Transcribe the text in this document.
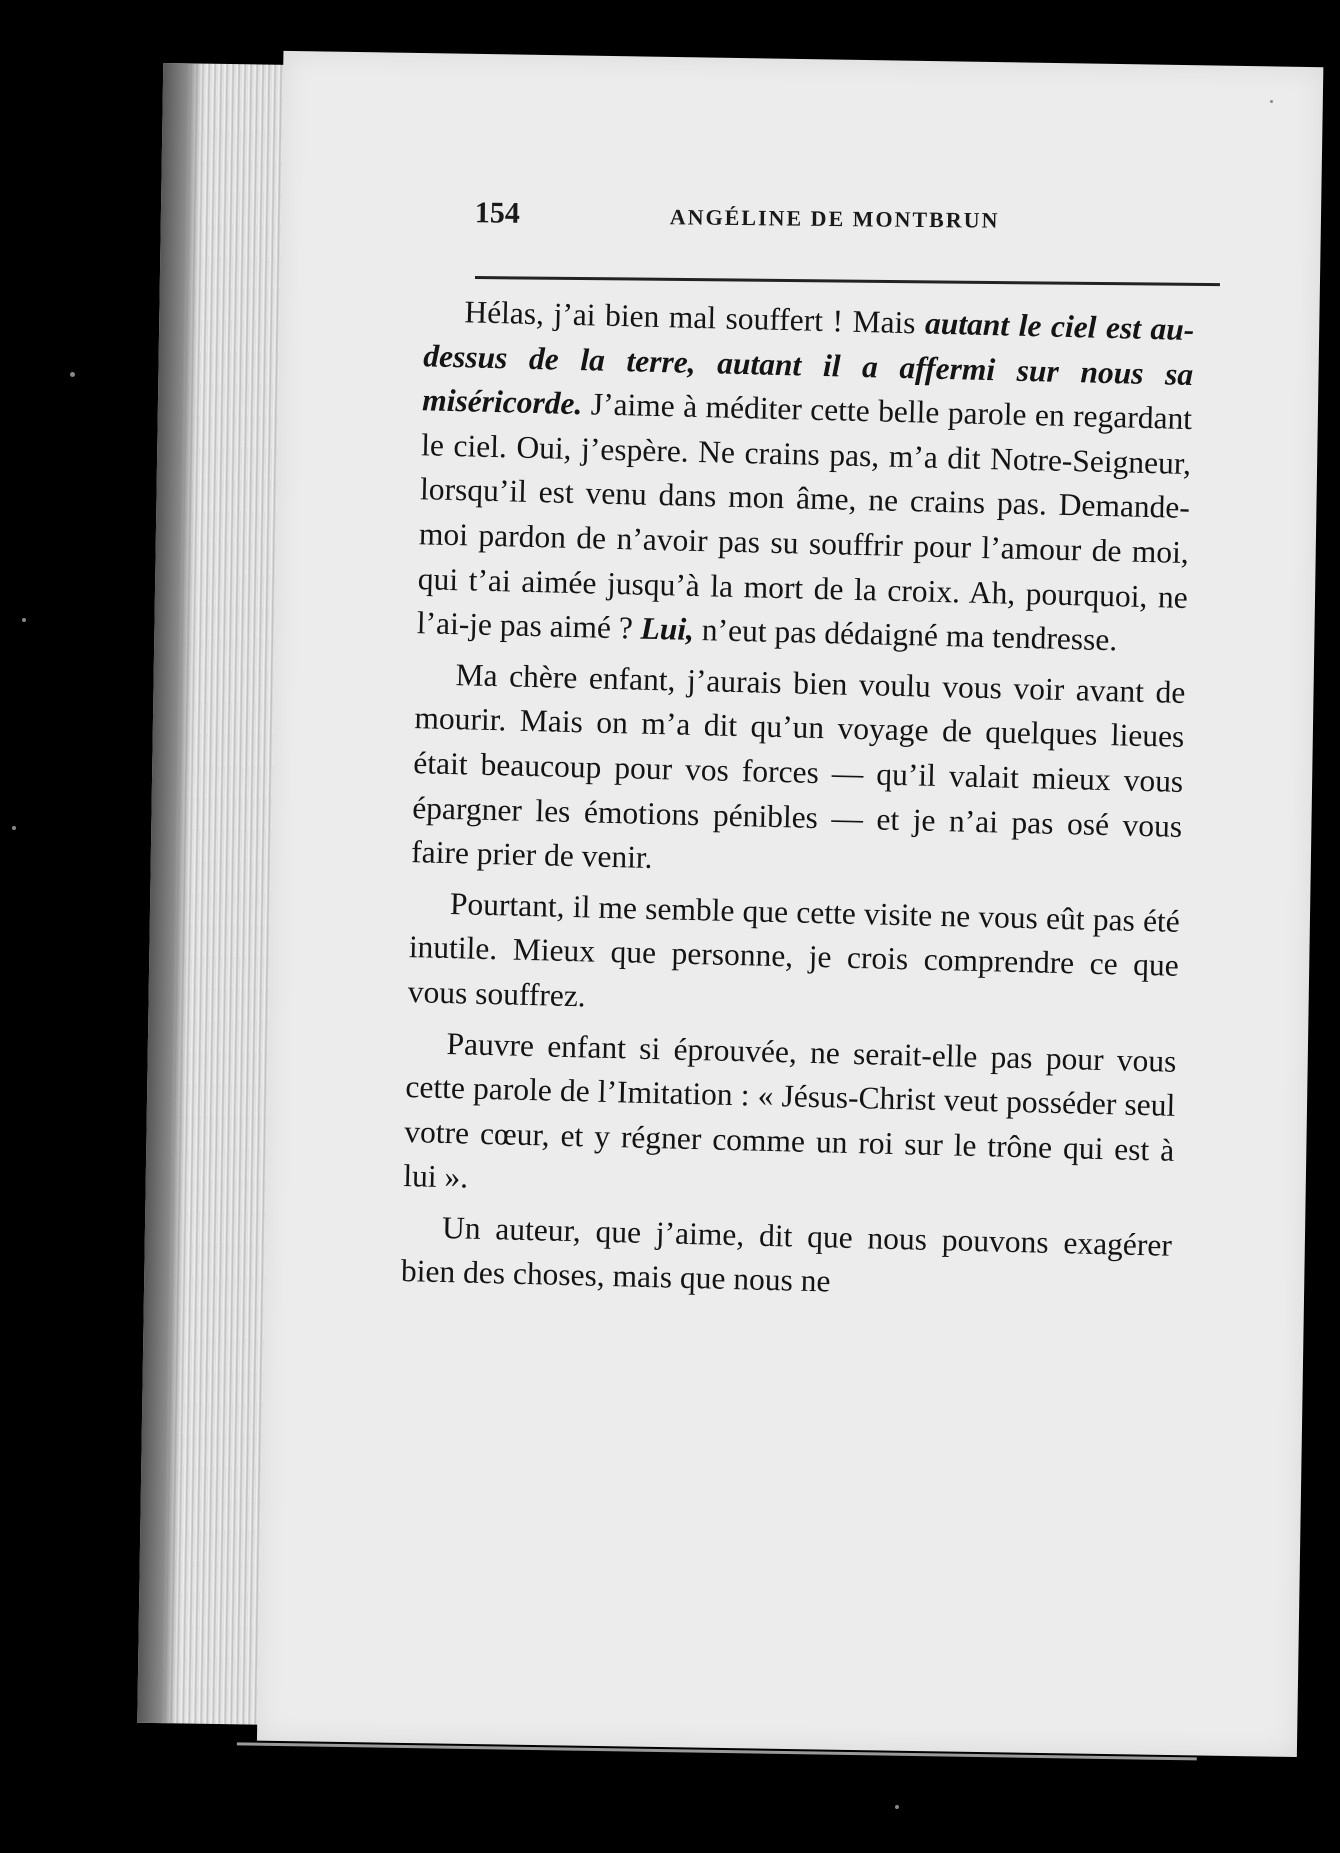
154	ANGÉLINE DE MONTBRUN

Hélas, j’ai bien mal souffert ! Mais autant le ciel est au-dessus de la terre, autant il a affermi sur nous sa miséricorde. J’aime à méditer cette belle parole en regardant le ciel. Oui, j’espère. Ne crains pas, m’a dit Notre-Seigneur, lorsqu’il est venu dans mon âme, ne crains pas. Demande-moi pardon de n’avoir pas su souffrir pour l’amour de moi, qui t’ai aimée jusqu’à la mort de la croix. Ah, pourquoi, ne l’ai-je pas aimé ? Lui, n’eut pas dédaigné ma tendresse.

Ma chère enfant, j’aurais bien voulu vous voir avant de mourir. Mais on m’a dit qu’un voyage de quelques lieues était beaucoup pour vos forces — qu’il valait mieux vous épargner les émotions pénibles — et je n’ai pas osé vous faire prier de venir.

Pourtant, il me semble que cette visite ne vous eût pas été inutile. Mieux que personne, je crois comprendre ce que vous souffrez.

Pauvre enfant si éprouvée, ne serait-elle pas pour vous cette parole de l’Imitation : « Jésus-Christ veut posséder seul votre cœur, et y régner comme un roi sur le trône qui est à lui ».

Un auteur, que j’aime, dit que nous pouvons exagérer bien des choses, mais que nous ne
